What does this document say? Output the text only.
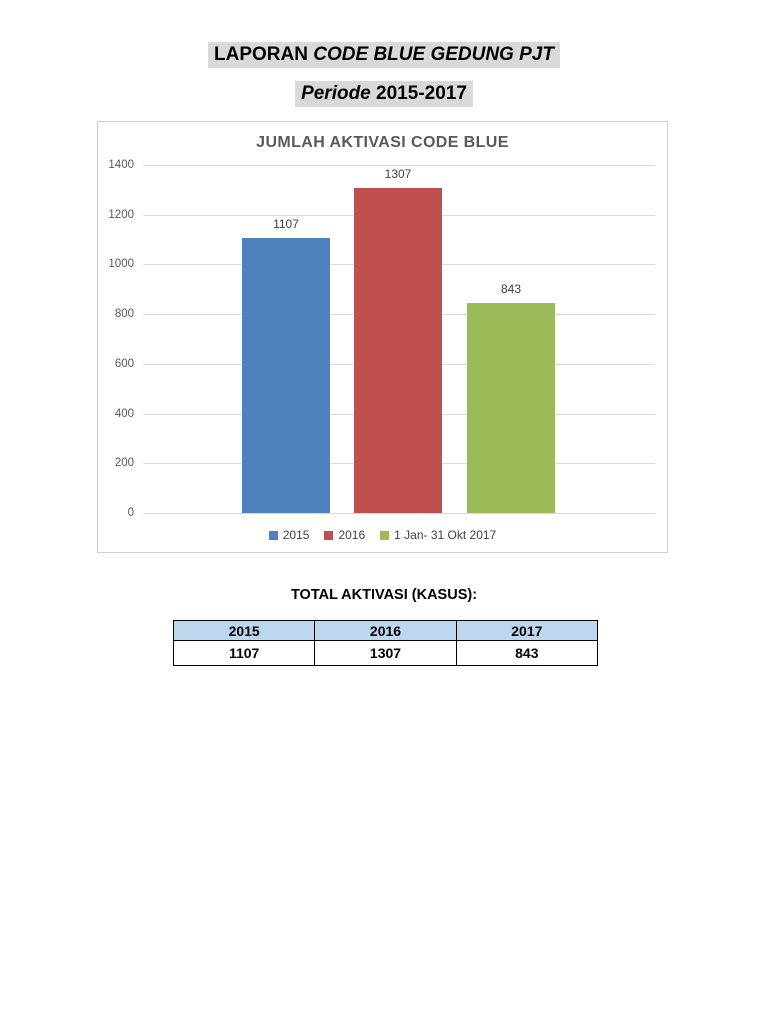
LAPORAN CODE BLUE GEDUNG PJT
Periode 2015-2017
JUMLAH AKTIVASI CODE BLUE
0
200
400
600
800
1000
1200
1400
1107
1307
843
2015 2016 1 Jan- 31 Okt 2017
TOTAL AKTIVASI (KASUS):
2015	2016	2017
1107	1307	843
